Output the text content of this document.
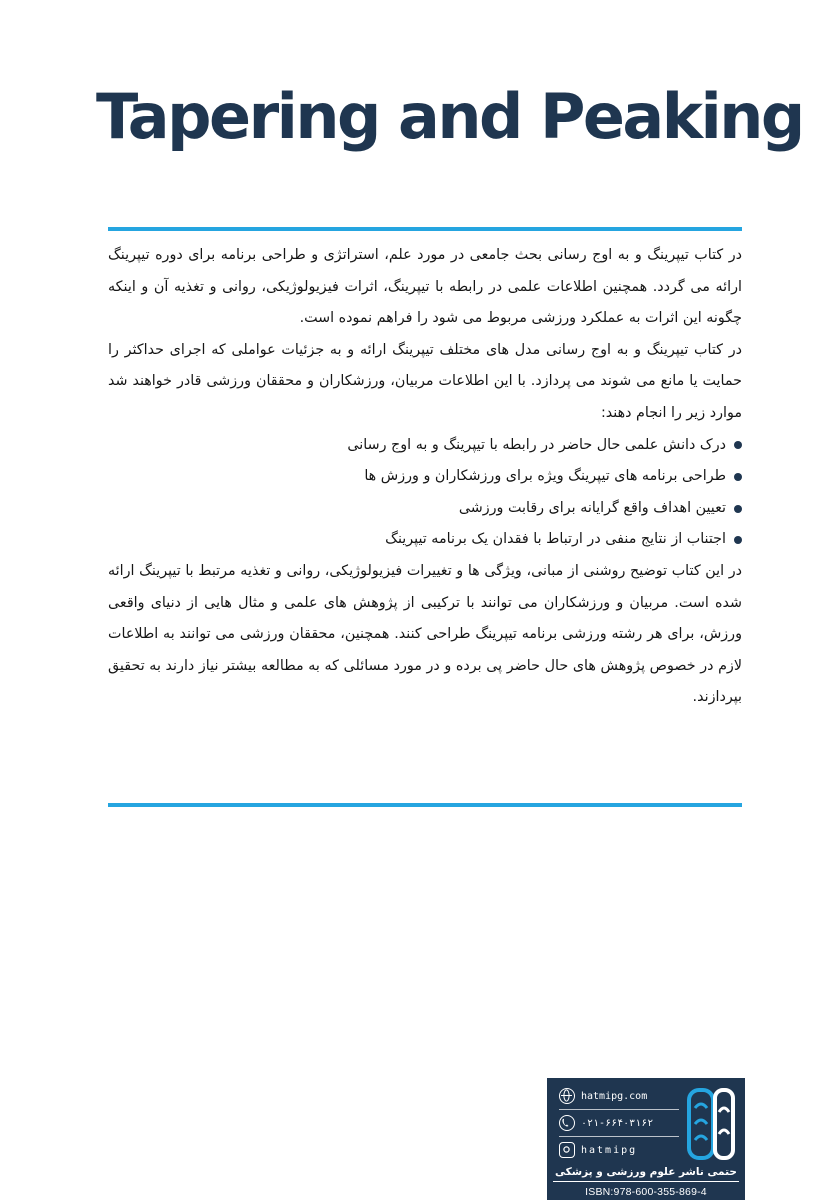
Tapering and Peaking

در کتاب تیپرینگ و به اوج رسانی بحث جامعی در مورد علم، استراتژی و طراحی برنامه برای دوره تیپرینگ ارائه می گردد. همچنین اطلاعات علمی در رابطه با تیپرینگ، اثرات فیزیولوژیکی، روانی و تغذیه آن و اینکه چگونه این اثرات به عملکرد ورزشی مربوط می شود را فراهم نموده است.

در کتاب تیپرینگ و به اوج رسانی مدل های مختلف تیپرینگ ارائه و به جزئیات عواملی که اجرای حداکثر را حمایت یا مانع می شوند می پردازد. با این اطلاعات مربیان، ورزشکاران و محققان ورزشی قادر خواهند شد موارد زیر را انجام دهند:

درک دانش علمی حال حاضر در رابطه با تیپرینگ و به اوج رسانی
طراحی برنامه های تیپرینگ ویژه برای ورزشکاران و ورزش ها
تعیین اهداف واقع گرایانه برای رقابت ورزشی
اجتناب از نتایج منفی در ارتباط با فقدان یک برنامه تیپرینگ

در این کتاب توضیح روشنی از مبانی، ویژگی ها و تغییرات فیزیولوژیکی، روانی و تغذیه مرتبط با تیپرینگ ارائه شده است. مربیان و ورزشکاران می توانند با ترکیبی از پژوهش های علمی و مثال هایی از دنیای واقعی ورزش، برای هر رشته ورزشی برنامه تیپرینگ طراحی کنند. همچنین، محققان ورزشی می توانند به اطلاعات لازم در خصوص پژوهش های حال حاضر پی برده و در مورد مسائلی که به مطالعه بیشتر نیاز دارند به تحقیق بپردازند.

hatmipg.com
۰۲۱-۶۶۴۰۳۱۶۲
hatmipg
حتمی ناشر علوم ورزشی و پزشکی
ISBN:978-600-355-869-4
